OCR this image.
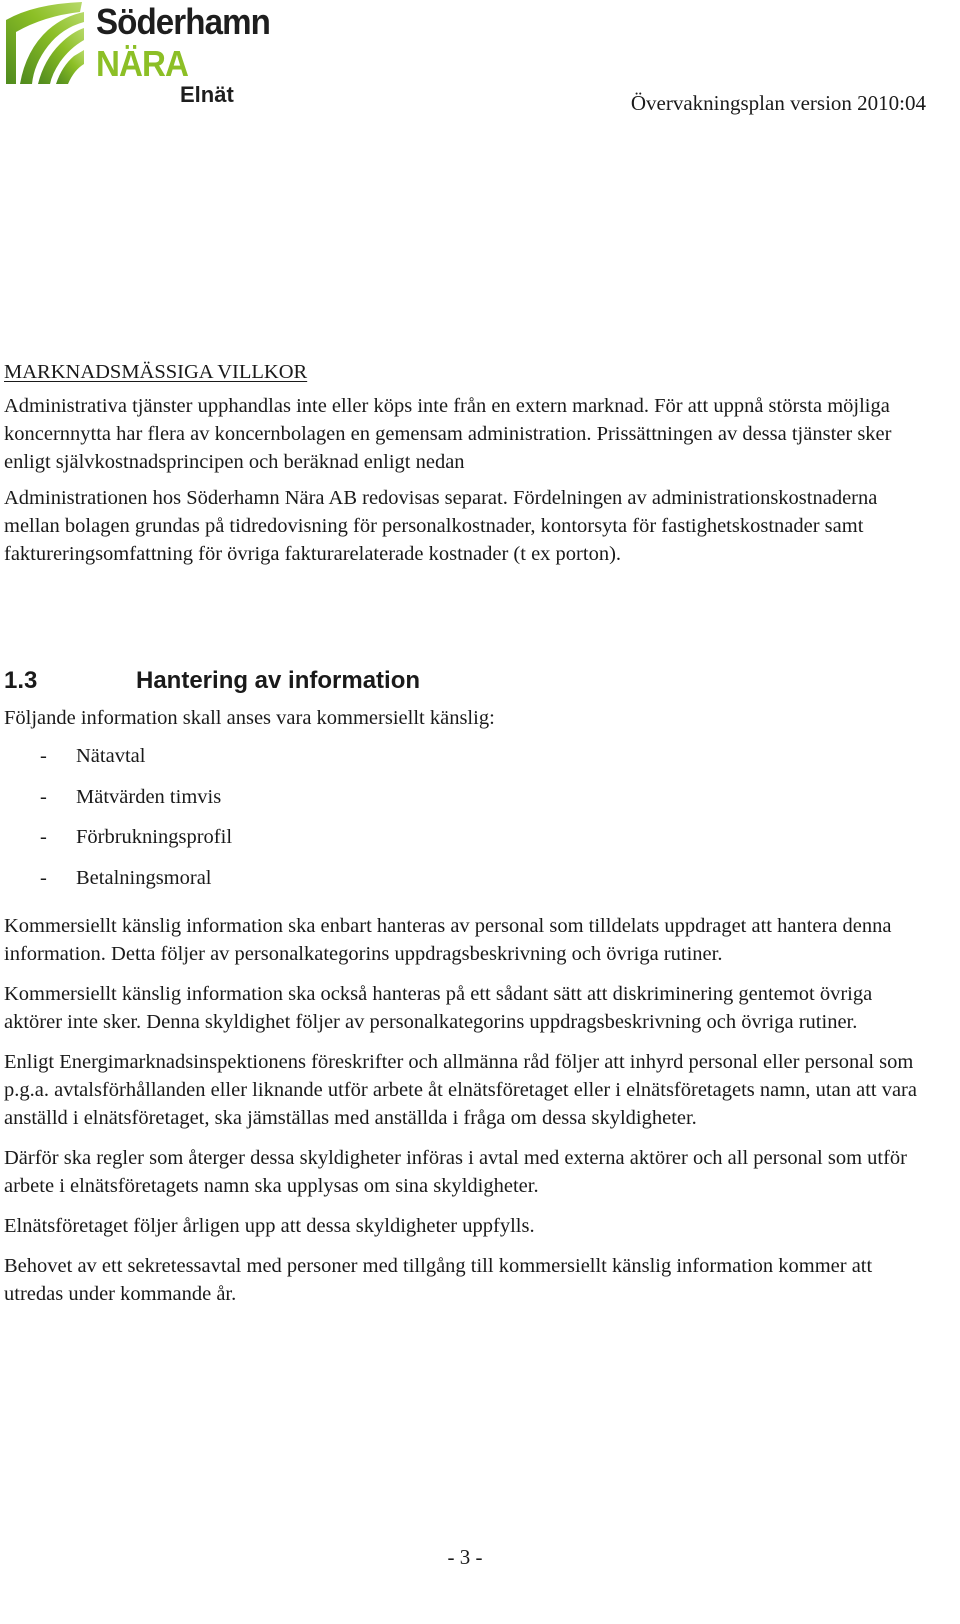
Söderhamn
NÄRA
Elnät	Övervakningsplan version 2010:04

MARKNADSMÄSSIGA VILLKOR

Administrativa tjänster upphandlas inte eller köps inte från en extern marknad. För att uppnå största möjliga koncernnytta har flera av koncernbolagen en gemensam administration. Prissättningen av dessa tjänster sker enligt självkostnadsprincipen och beräknad enligt nedan

Administrationen hos Söderhamn Nära AB redovisas separat. Fördelningen av administrationskostnaderna mellan bolagen grundas på tidredovisning för personalkostnader, kontorsyta för fastighetskostnader samt faktureringsomfattning för övriga fakturarelaterade kostnader (t ex porton).

1.3	Hantering av information

Följande information skall anses vara kommersiellt känslig:

-	Nätavtal
-	Mätvärden timvis
-	Förbrukningsprofil
-	Betalningsmoral

Kommersiellt känslig information ska enbart hanteras av personal som tilldelats uppdraget att hantera denna information. Detta följer av personalkategorins uppdragsbeskrivning och övriga rutiner.

Kommersiellt känslig information ska också hanteras på ett sådant sätt att diskriminering gentemot övriga aktörer inte sker. Denna skyldighet följer av personalkategorins uppdragsbeskrivning och övriga rutiner.

Enligt Energimarknadsinspektionens föreskrifter och allmänna råd följer att inhyrd personal eller personal som p.g.a. avtalsförhållanden eller liknande utför arbete åt elnätsföretaget eller i elnätsföretagets namn, utan att vara anställd i elnätsföretaget, ska jämställas med anställda i fråga om dessa skyldigheter.

Därför ska regler som återger dessa skyldigheter införas i avtal med externa aktörer och all personal som utför arbete i elnätsföretagets namn ska upplysas om sina skyldigheter.

Elnätsföretaget följer årligen upp att dessa skyldigheter uppfylls.

Behovet av ett sekretessavtal med personer med tillgång till kommersiellt känslig information kommer att utredas under kommande år.

- 3 -
